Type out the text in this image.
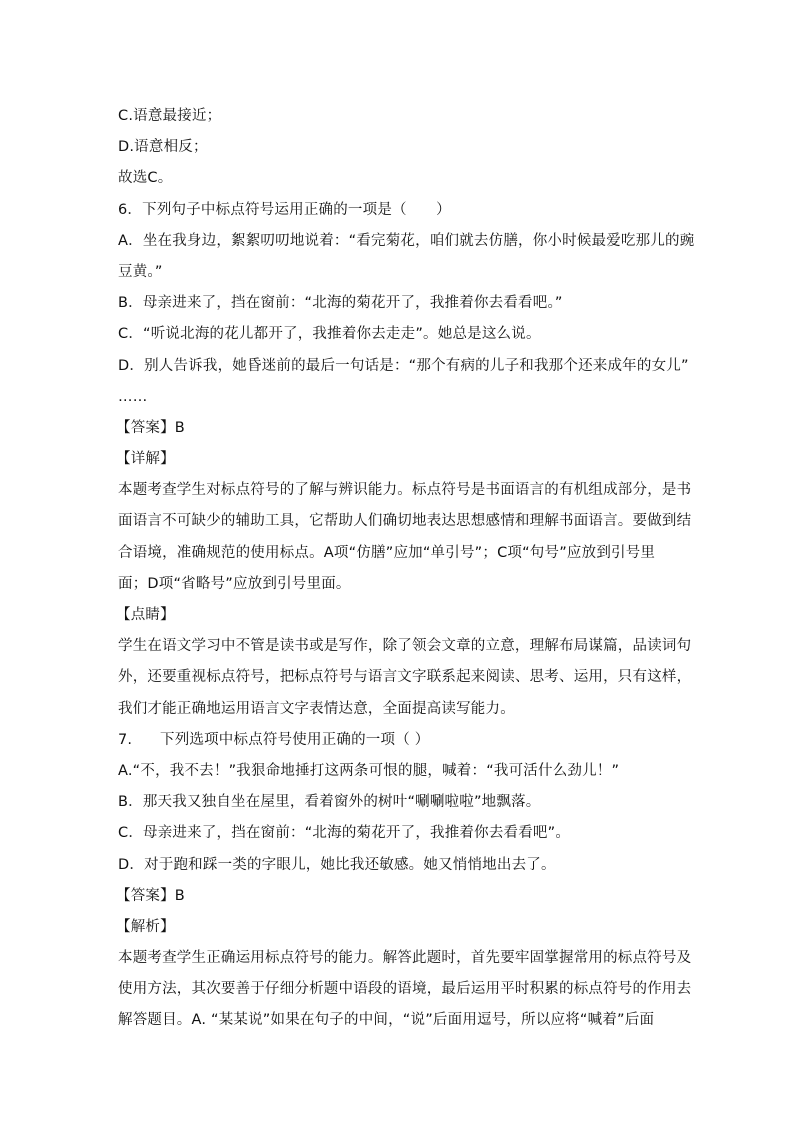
C.语意最接近；
D.语意相反；
故选C。
6．下列句子中标点符号运用正确的一项是（　　）
A．坐在我身边，絮絮叨叨地说着：“看完菊花，咱们就去仿膳，你小时候最爱吃那儿的豌
豆黄。”
B．母亲进来了，挡在窗前：“北海的菊花开了，我推着你去看看吧。”
C．“听说北海的花儿都开了，我推着你去走走”。她总是这么说。
D．别人告诉我，她昏迷前的最后一句话是：“那个有病的儿子和我那个还来成年的女儿”
……
【答案】B
【详解】
本题考查学生对标点符号的了解与辨识能力。标点符号是书面语言的有机组成部分，是书
面语言不可缺少的辅助工具，它帮助人们确切地表达思想感情和理解书面语言。要做到结
合语境，准确规范的使用标点。A项“仿膳”应加“单引号”；C项“句号”应放到引号里
面；D项“省略号”应放到引号里面。
【点睛】
学生在语文学习中不管是读书或是写作，除了领会文章的立意，理解布局谋篇，品读词句
外，还要重视标点符号，把标点符号与语言文字联系起来阅读、思考、运用，只有这样，
我们才能正确地运用语言文字表情达意，全面提高读写能力。
7. 下列选项中标点符号使用正确的一项（ ）
A.“不，我不去！”我狠命地捶打这两条可恨的腿，喊着：“我可活什么劲儿！”
B．那天我又独自坐在屋里，看着窗外的树叶“唰唰啦啦”地飘落。
C．母亲进来了，挡在窗前：“北海的菊花开了，我推着你去看看吧”。
D．对于跑和踩一类的字眼儿，她比我还敏感。她又悄悄地出去了。
【答案】B
【解析】
本题考查学生正确运用标点符号的能力。解答此题时，首先要牢固掌握常用的标点符号及
使用方法，其次要善于仔细分析题中语段的语境，最后运用平时积累的标点符号的作用去
解答题目。A. “某某说”如果在句子的中间，“说”后面用逗号，所以应将“喊着”后面
